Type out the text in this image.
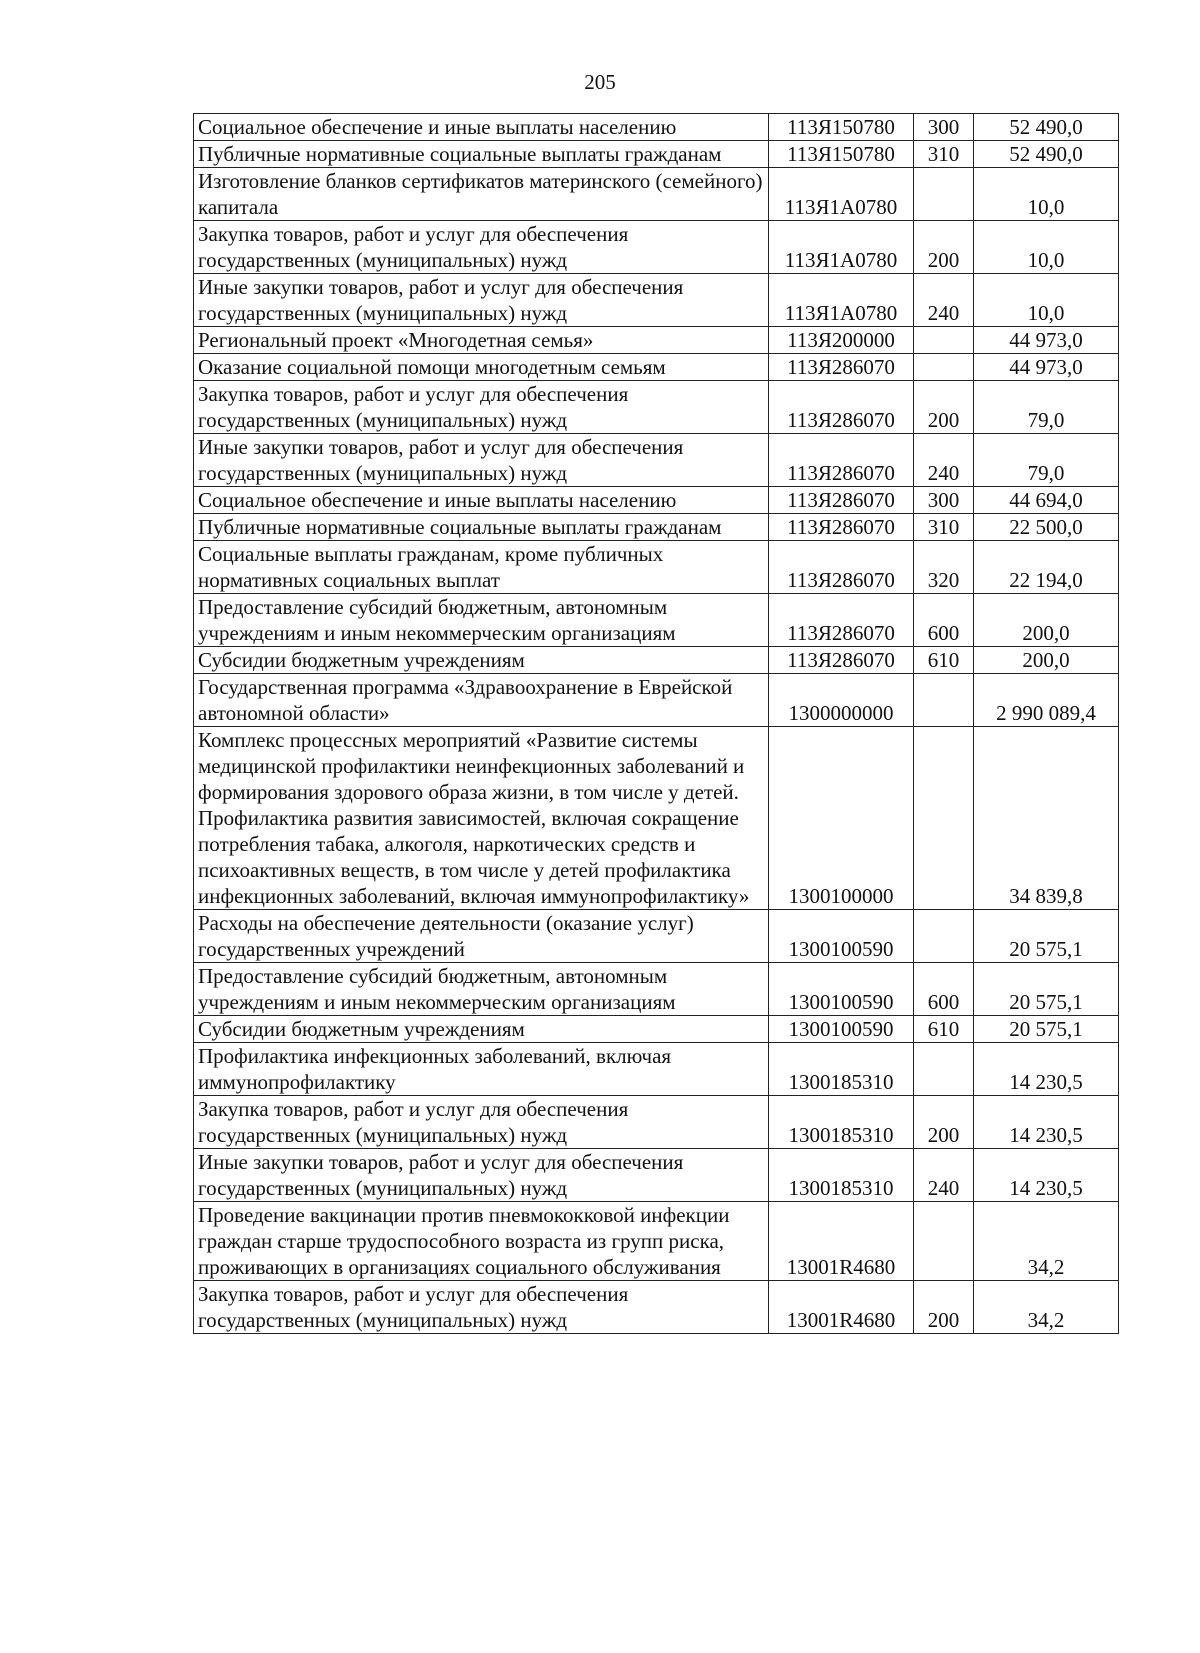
205
Социальное обеспечение и иные выплаты населению	113Я150780	300	52 490,0
Публичные нормативные социальные выплаты гражданам	113Я150780	310	52 490,0
Изготовление бланков сертификатов материнского (семейного) капитала	113Я1А0780		10,0
Закупка товаров, работ и услуг для обеспечения государственных (муниципальных) нужд	113Я1А0780	200	10,0
Иные закупки товаров, работ и услуг для обеспечения государственных (муниципальных) нужд	113Я1А0780	240	10,0
Региональный проект «Многодетная семья»	113Я200000		44 973,0
Оказание социальной помощи многодетным семьям	113Я286070		44 973,0
Закупка товаров, работ и услуг для обеспечения государственных (муниципальных) нужд	113Я286070	200	79,0
Иные закупки товаров, работ и услуг для обеспечения государственных (муниципальных) нужд	113Я286070	240	79,0
Социальное обеспечение и иные выплаты населению	113Я286070	300	44 694,0
Публичные нормативные социальные выплаты гражданам	113Я286070	310	22 500,0
Социальные выплаты гражданам, кроме публичных нормативных социальных выплат	113Я286070	320	22 194,0
Предоставление субсидий бюджетным, автономным учреждениям и иным некоммерческим организациям	113Я286070	600	200,0
Субсидии бюджетным учреждениям	113Я286070	610	200,0
Государственная программа «Здравоохранение в Еврейской автономной области»	1300000000		2 990 089,4
Комплекс процессных мероприятий «Развитие системы медицинской профилактики неинфекционных заболеваний и формирования здорового образа жизни, в том числе у детей. Профилактика развития зависимостей, включая сокращение потребления табака, алкоголя, наркотических средств и психоактивных веществ, в том числе у детей профилактика инфекционных заболеваний, включая иммунопрофилактику»	1300100000		34 839,8
Расходы на обеспечение деятельности (оказание услуг) государственных учреждений	1300100590		20 575,1
Предоставление субсидий бюджетным, автономным учреждениям и иным некоммерческим организациям	1300100590	600	20 575,1
Субсидии бюджетным учреждениям	1300100590	610	20 575,1
Профилактика инфекционных заболеваний, включая иммунопрофилактику	1300185310		14 230,5
Закупка товаров, работ и услуг для обеспечения государственных (муниципальных) нужд	1300185310	200	14 230,5
Иные закупки товаров, работ и услуг для обеспечения государственных (муниципальных) нужд	1300185310	240	14 230,5
Проведение вакцинации против пневмококковой инфекции граждан старше трудоспособного возраста из групп риска, проживающих в организациях социального обслуживания	13001R4680		34,2
Закупка товаров, работ и услуг для обеспечения государственных (муниципальных) нужд	13001R4680	200	34,2
